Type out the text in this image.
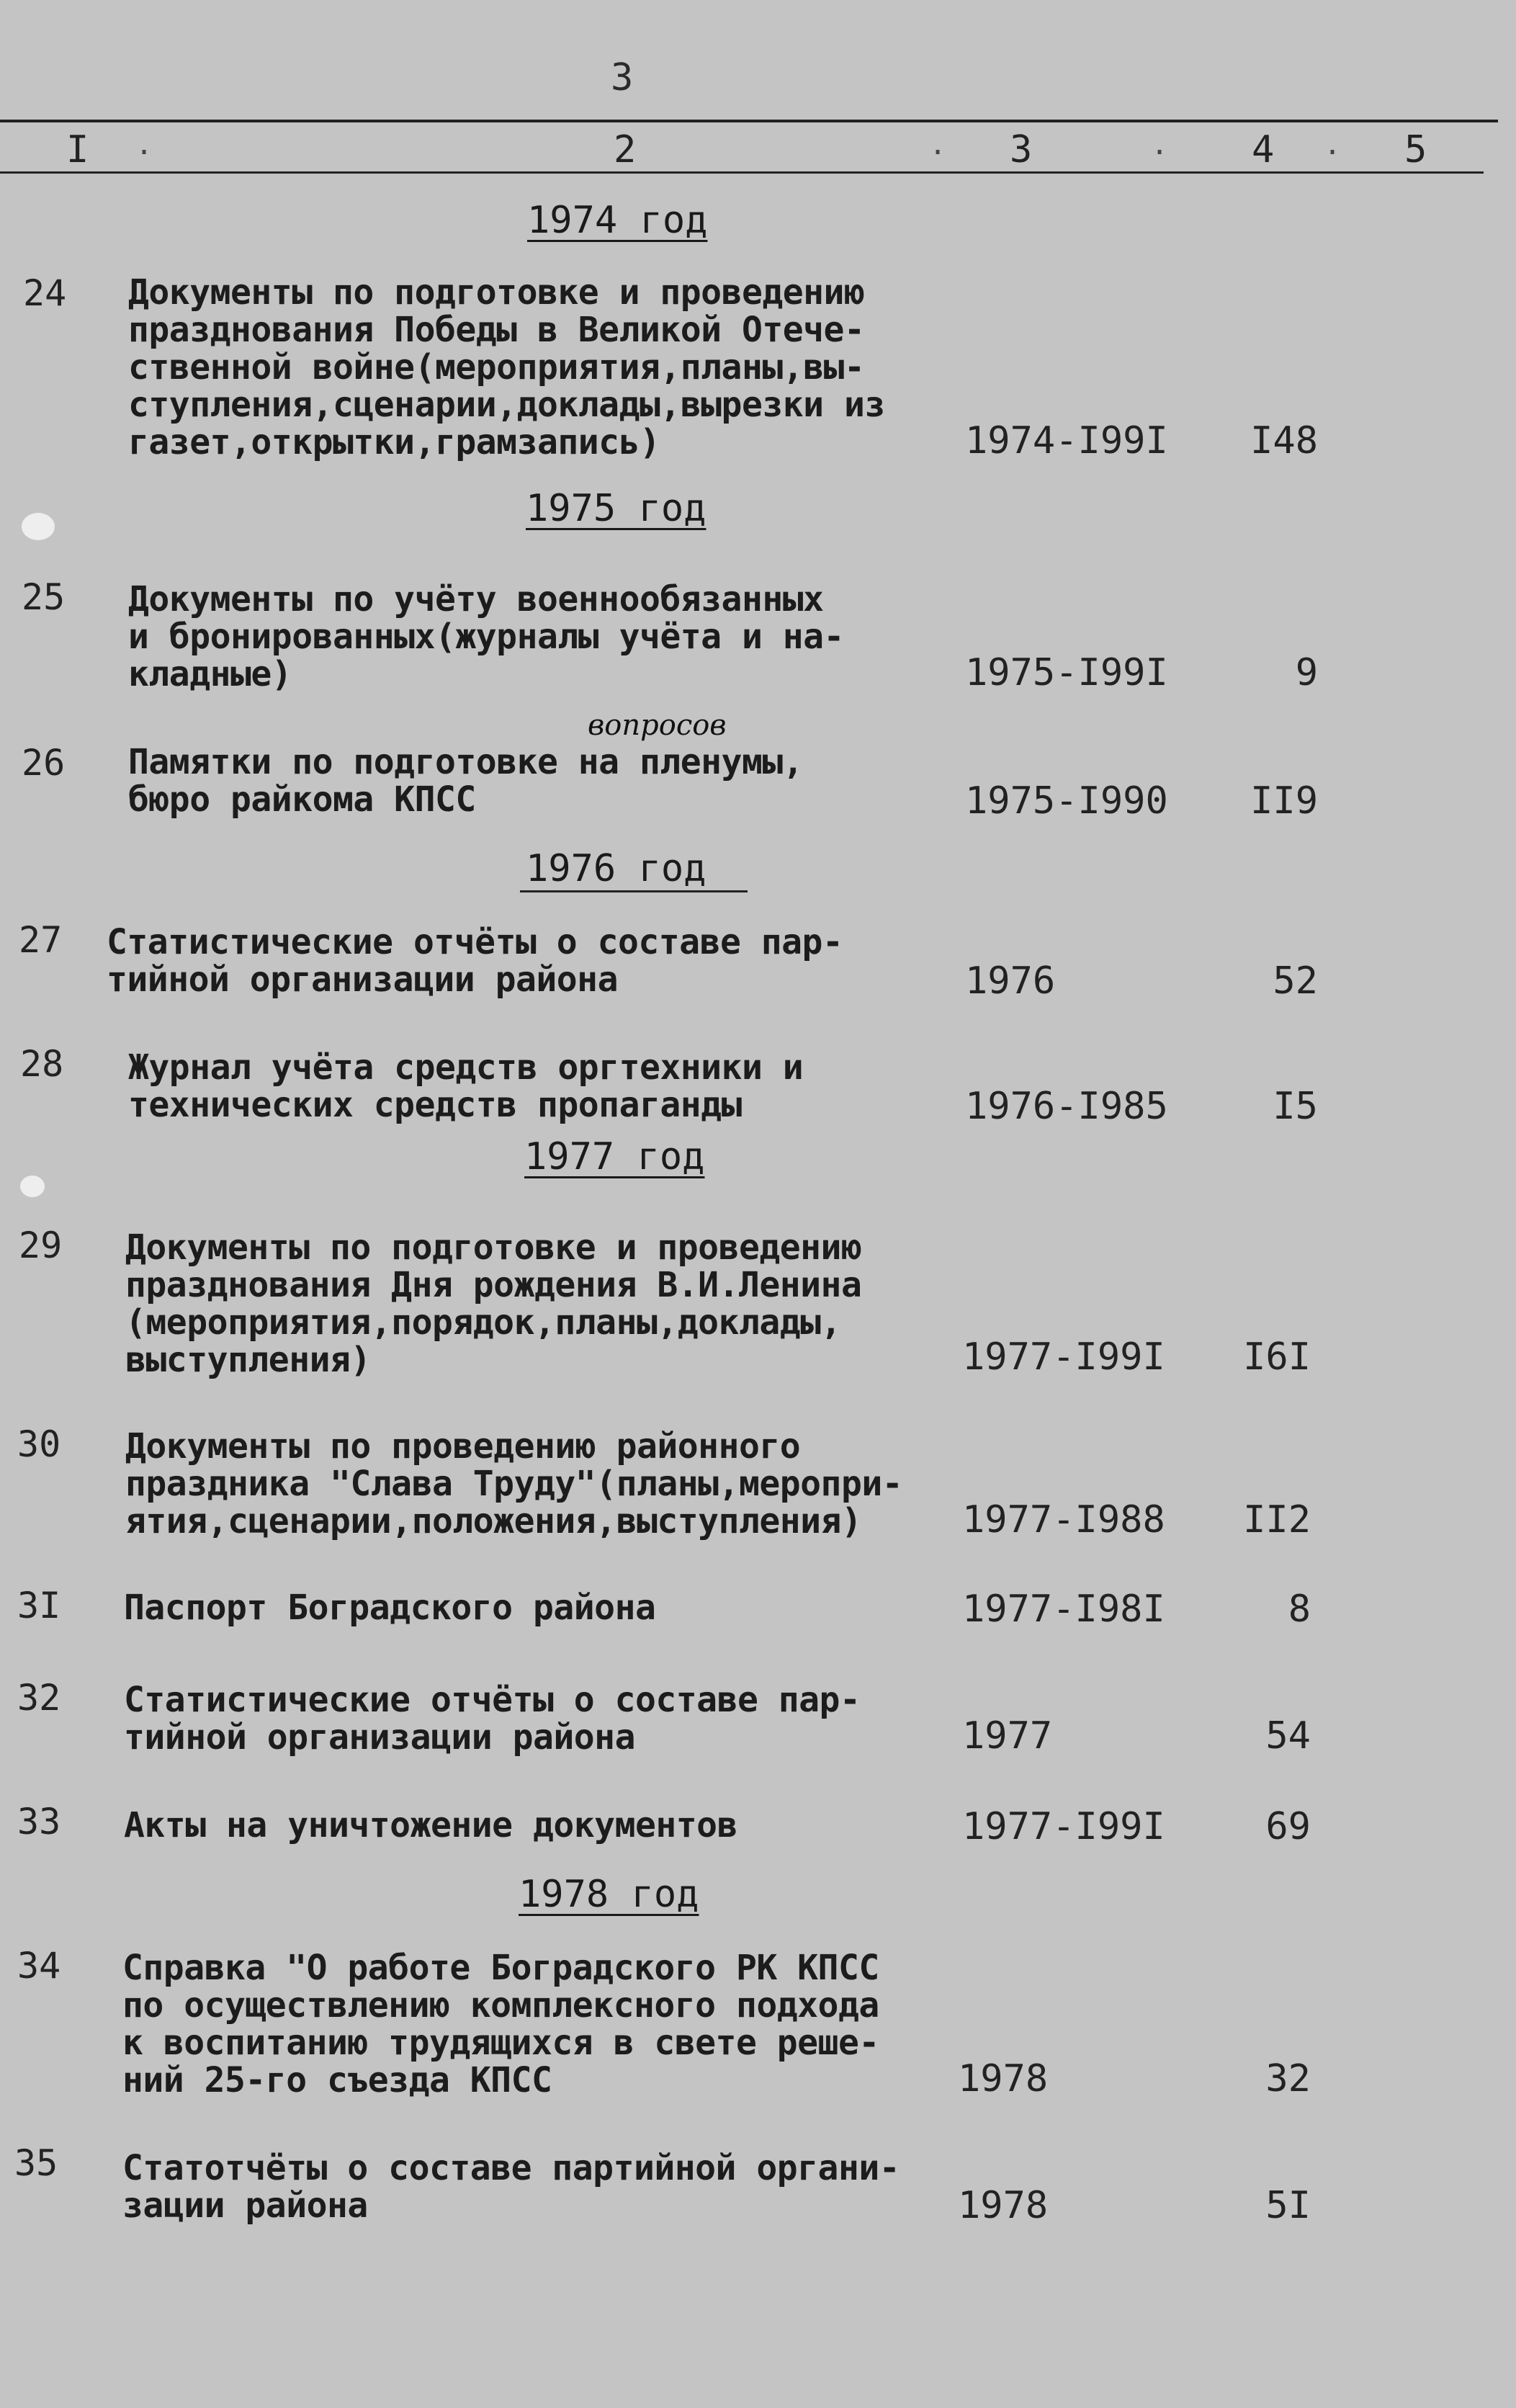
3
I .	2	. 3	. 4 . 5
1974 год
24 Документы по подготовке и проведению
празднования Победы в Великой Отече-
ственной войне(мероприятия,планы,вы-
ступления,сценарии,доклады,вырезки из
газет,открытки,грамзапись)	1974-I99I	I48
1975 год
25 Документы по учёту военнообязанных
и бронированных(журналы учёта и на-
кладные)	1975-I99I	9
вопросов
26 Памятки по подготовке на пленумы,
бюро райкома КПСС	1975-I990	II9
1976 год
27 Статистические отчёты о составе пар-
тийной организации района	1976	52
28 Журнал учёта средств оргтехники и
технических средств пропаганды	1976-I985	I5
1977 год
29 Документы по подготовке и проведению
празднования Дня рождения В.И.Ленина
(мероприятия,порядок,планы,доклады,
выступления)	1977-I99I	I6I
30 Документы по проведению районного
праздника "Слава Труду"(планы,меропри-
ятия,сценарии,положения,выступления)	1977-I988	II2
3I Паспорт Боградского района	1977-I98I	8
32 Статистические отчёты о составе пар-
тийной организации района	1977	54
33 Акты на уничтожение документов	1977-I99I	69
1978 год
34 Справка "О работе Боградского РК КПСС
по осуществлению комплексного подхода
к воспитанию трудящихся в свете реше-
ний 25-го съезда КПСС	1978	32
35 Статотчёты о составе партийной органи-
зации района	1978	5I
